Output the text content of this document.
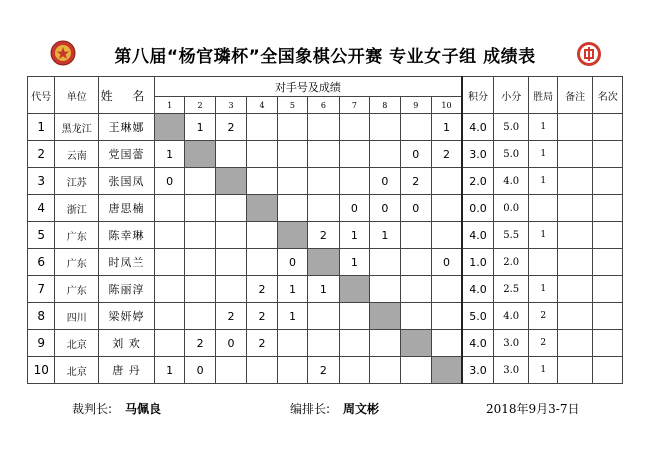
第八届“杨官璘杯”全国象棋公开赛 专业女子组 成绩表
代号	单位	姓 名	对手号及成绩										积分	小分	胜局	备注	名次
			1	2	3	4	5	6	7	8	9	10					
1	黑龙江	王琳娜		1	2							1	4.0	5.0	1		
2	云南	党国蕾	1								0	2	3.0	5.0	1		
3	江苏	张国凤	0							0	2		2.0	4.0	1		
4	浙江	唐思楠							0	0	0		0.0	0.0			
5	广东	陈幸琳						2	1	1			4.0	5.5	1		
6	广东	时凤兰					0		1			0	1.0	2.0			
7	广东	陈丽淳				2	1	1					4.0	2.5	1		
8	四川	梁妍婷			2	2	1						5.0	4.0	2		
9	北京	刘 欢		2	0	2							4.0	3.0	2		
10	北京	唐 丹	1	0				2					3.0	3.0	1		
裁判长: 马佩良	编排长: 周文彬	2018年9月3-7日
